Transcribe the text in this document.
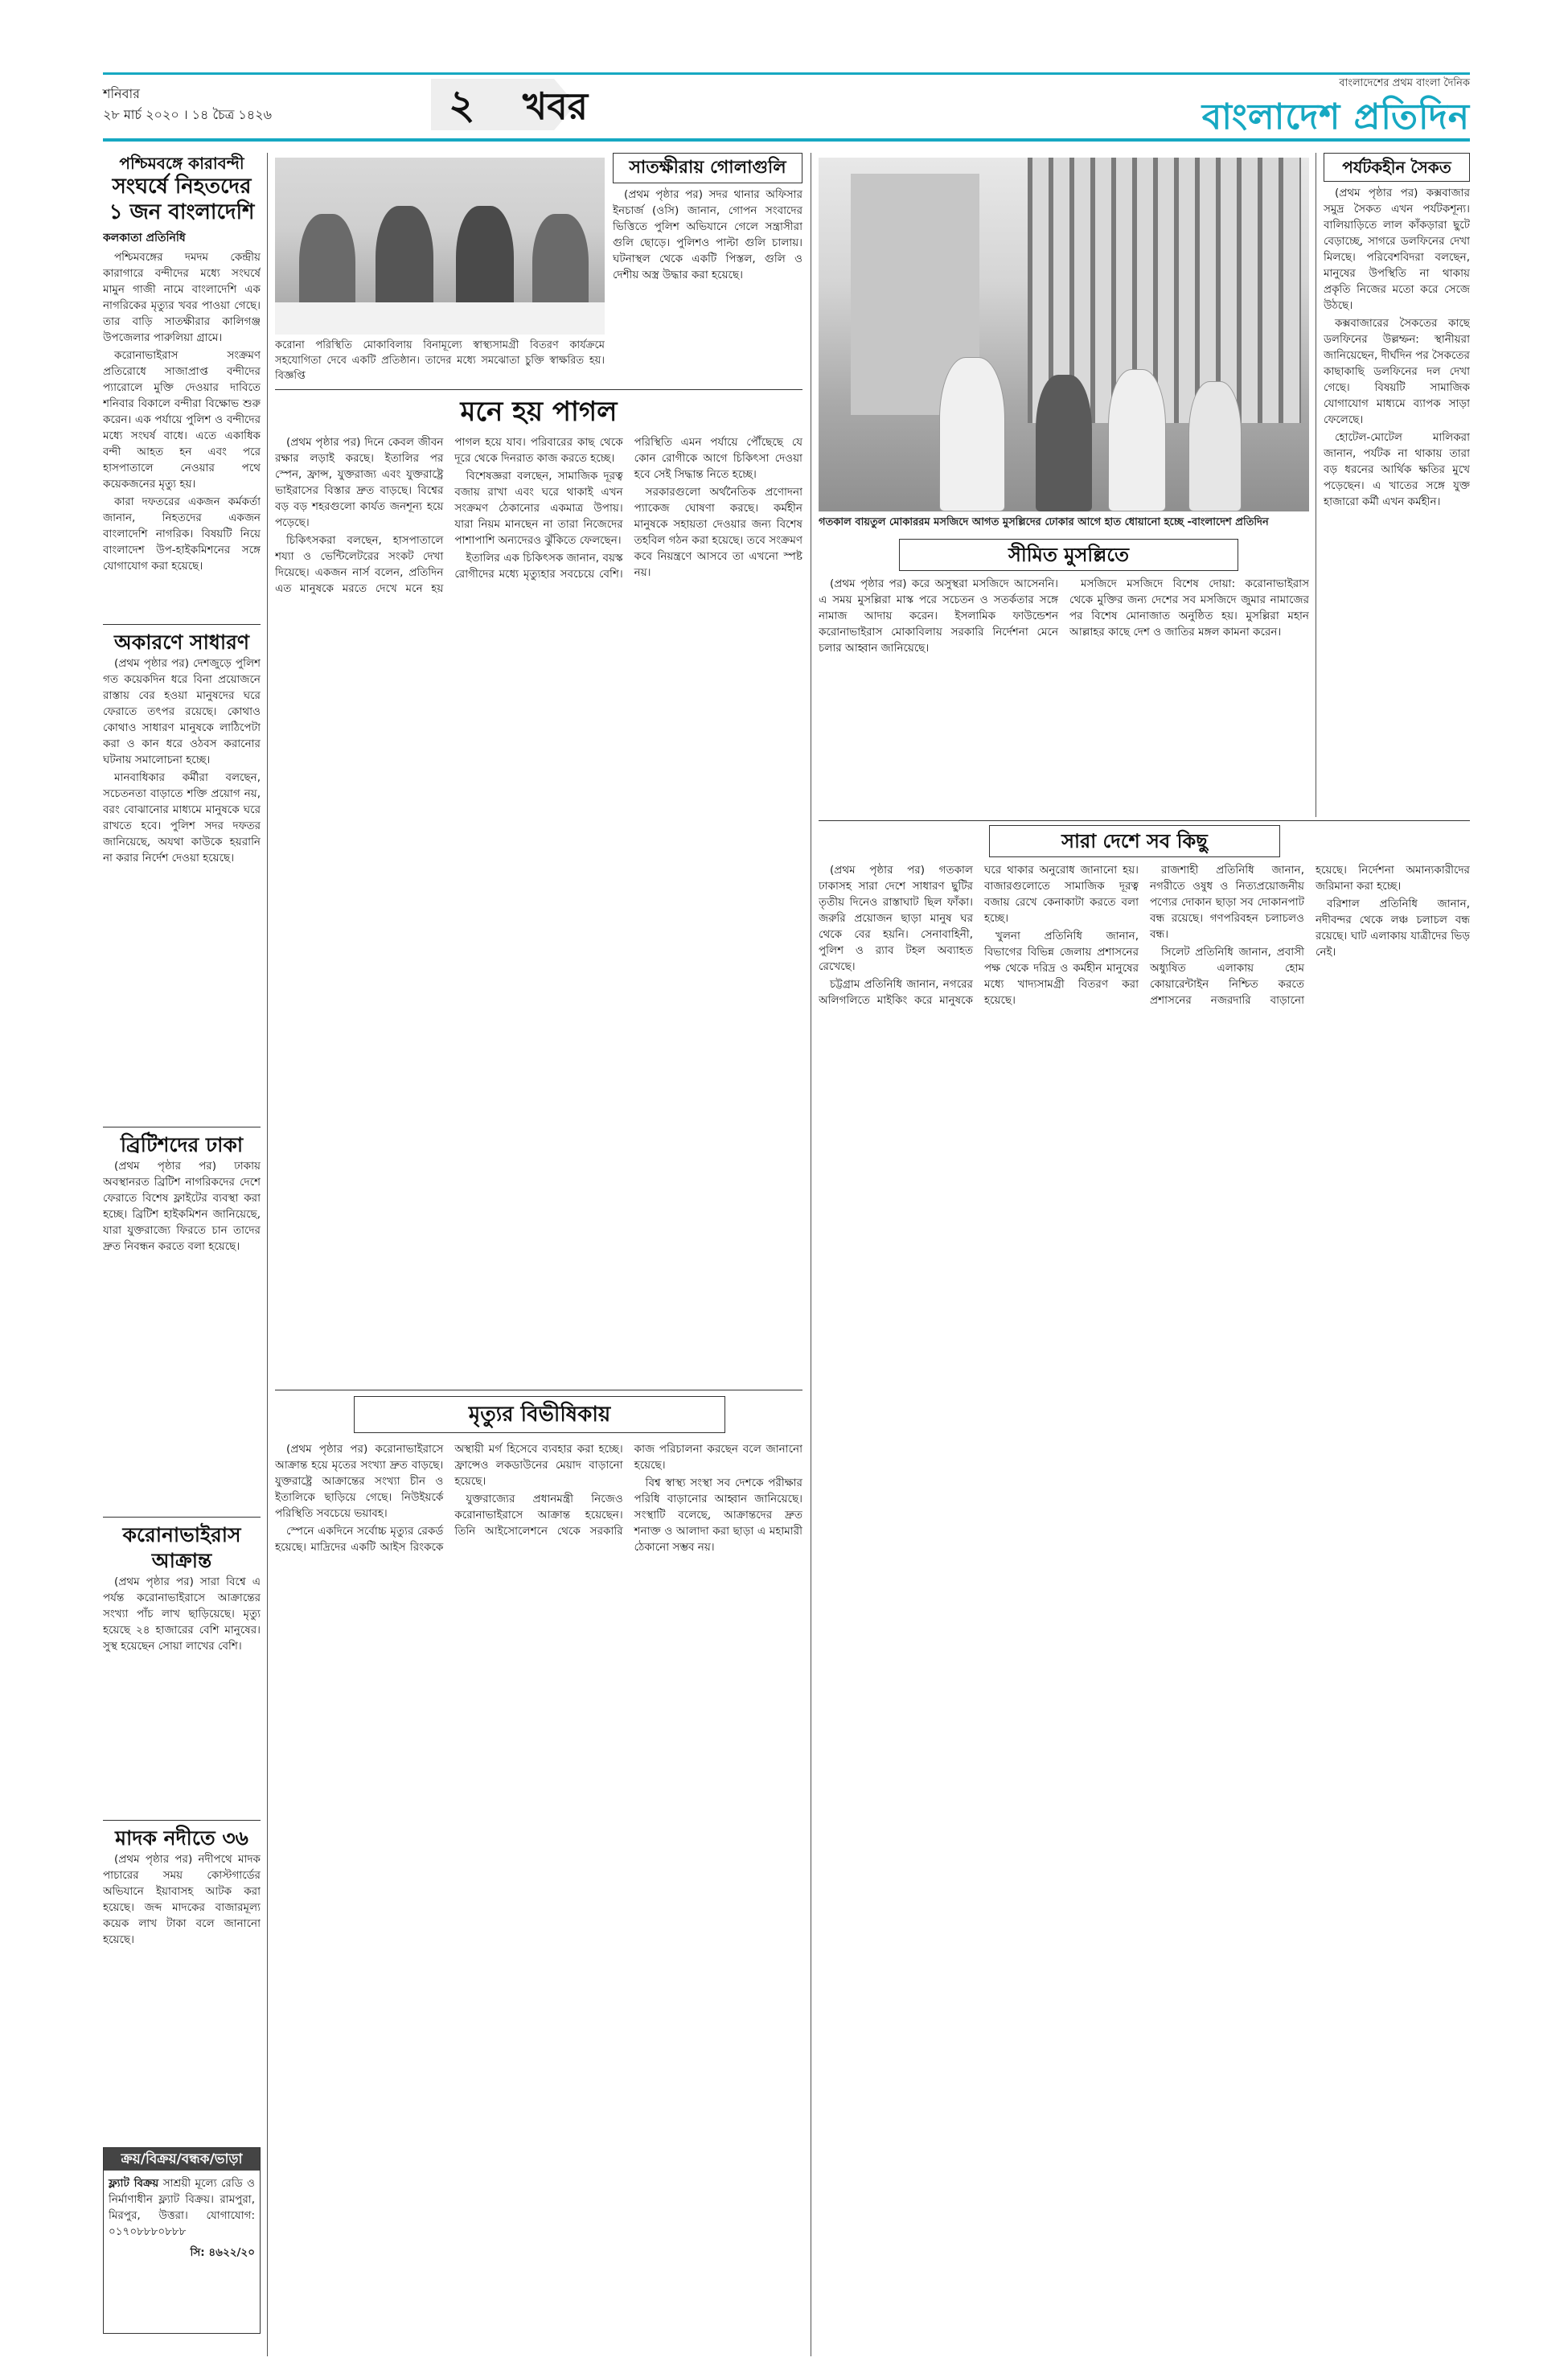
শনিবার
২৮ মার্চ ২০২০ । ১৪ চৈত্র ১৪২৬	২ খবর
বাংলাদেশের প্রথম বাংলা দৈনিক
বাংলাদেশ প্রতিদিন
পশ্চিমবঙ্গে কারাবন্দী
সংঘর্ষে নিহতদের ১ জন বাংলাদেশি
কলকাতা প্রতিনিধি

পশ্চিমবঙ্গের দমদম কেন্দ্রীয় কারাগারে বন্দীদের মধ্যে সংঘর্ষে মামুন গাজী নামে বাংলাদেশি এক নাগরিকের মৃত্যুর খবর পাওয়া গেছে। তার বাড়ি সাতক্ষীরার কালিগঞ্জ উপজেলার পারুলিয়া গ্রামে।

করোনাভাইরাস সংক্রমণ প্রতিরোধে সাজাপ্রাপ্ত বন্দীদের প্যারোলে মুক্তি দেওয়ার দাবিতে শনিবার বিকালে বন্দীরা বিক্ষোভ শুরু করেন। এক পর্যায়ে পুলিশ ও বন্দীদের মধ্যে সংঘর্ষ বাধে। এতে একাধিক বন্দী আহত হন এবং পরে হাসপাতালে নেওয়ার পথে কয়েকজনের মৃত্যু হয়।

কারা দফতরের একজন কর্মকর্তা জানান, নিহতদের একজন বাংলাদেশি নাগরিক। বিষয়টি নিয়ে বাংলাদেশ উপ-হাইকমিশনের সঙ্গে যোগাযোগ করা হয়েছে।

অকারণে সাধারণ

(প্রথম পৃষ্ঠার পর) দেশজুড়ে পুলিশ গত কয়েকদিন ধরে বিনা প্রয়োজনে রাস্তায় বের হওয়া মানুষদের ঘরে ফেরাতে তৎপর রয়েছে। কোথাও কোথাও সাধারণ মানুষকে লাঠিপেটা করা ও কান ধরে ওঠবস করানোর ঘটনায় সমালোচনা হচ্ছে।

মানবাধিকার কর্মীরা বলছেন, সচেতনতা বাড়াতে শক্তি প্রয়োগ নয়, বরং বোঝানোর মাধ্যমে মানুষকে ঘরে রাখতে হবে। পুলিশ সদর দফতর জানিয়েছে, অযথা কাউকে হয়রানি না করার নির্দেশ দেওয়া হয়েছে।

ব্রিটিশদের ঢাকা

(প্রথম পৃষ্ঠার পর) ঢাকায় অবস্থানরত ব্রিটিশ নাগরিকদের দেশে ফেরাতে বিশেষ ফ্লাইটের ব্যবস্থা করা হচ্ছে। ব্রিটিশ হাইকমিশন জানিয়েছে, যারা যুক্তরাজ্যে ফিরতে চান তাদের দ্রুত নিবন্ধন করতে বলা হয়েছে।

করোনাভাইরাস আক্রান্ত

(প্রথম পৃষ্ঠার পর) সারা বিশ্বে এ পর্যন্ত করোনাভাইরাসে আক্রান্তের সংখ্যা পাঁচ লাখ ছাড়িয়েছে। মৃত্যু হয়েছে ২৪ হাজারের বেশি মানুষের। সুস্থ হয়েছেন সোয়া লাখের বেশি।

মাদক নদীতে ৩৬

(প্রথম পৃষ্ঠার পর) নদীপথে মাদক পাচারের সময় কোস্টগার্ডের অভিযানে ইয়াবাসহ আটক করা হয়েছে। জব্দ মাদকের বাজারমূল্য কয়েক লাখ টাকা বলে জানানো হয়েছে।

ক্রয়/বিক্রয়/বন্ধক/ভাড়া
ফ্ল্যাট বিক্রয় সাশ্রয়ী মূল্যে রেডি ও নির্মাণাধীন ফ্ল্যাট বিক্রয়। রামপুরা, মিরপুর, উত্তরা। যোগাযোগ: ০১৭০৮৮৮০৮৮৮
সি: ৪৬২২/২০
করোনা পরিস্থিতি মোকাবিলায় বিনামূল্যে স্বাস্থ্যসামগ্রী বিতরণ কার্যক্রমে সহযোগিতা দেবে একটি প্রতিষ্ঠান। তাদের মধ্যে সমঝোতা চুক্তি স্বাক্ষরিত হয়। বিজ্ঞপ্তি
সাতক্ষীরায় গোলাগুলি

(প্রথম পৃষ্ঠার পর) সদর থানার অফিসার ইনচার্জ (ওসি) জানান, গোপন সংবাদের ভিত্তিতে পুলিশ অভিযানে গেলে সন্ত্রাসীরা গুলি ছোড়ে। পুলিশও পাল্টা গুলি চালায়। ঘটনাস্থল থেকে একটি পিস্তল, গুলি ও দেশীয় অস্ত্র উদ্ধার করা হয়েছে।

মনে হয় পাগল

(প্রথম পৃষ্ঠার পর) দিনে কেবল জীবন রক্ষার লড়াই করছে। ইতালির পর স্পেন, ফ্রান্স, যুক্তরাজ্য এবং যুক্তরাষ্ট্রে ভাইরাসের বিস্তার দ্রুত বাড়ছে। বিশ্বের বড় বড় শহরগুলো কার্যত জনশূন্য হয়ে পড়েছে।

চিকিৎসকরা বলছেন, হাসপাতালে শয্যা ও ভেন্টিলেটরের সংকট দেখা দিয়েছে। একজন নার্স বলেন, প্রতিদিন এত মানুষকে মরতে দেখে মনে হয় পাগল হয়ে যাব। পরিবারের কাছ থেকে দূরে থেকে দিনরাত কাজ করতে হচ্ছে।

বিশেষজ্ঞরা বলছেন, সামাজিক দূরত্ব বজায় রাখা এবং ঘরে থাকাই এখন সংক্রমণ ঠেকানোর একমাত্র উপায়। যারা নিয়ম মানছেন না তারা নিজেদের পাশাপাশি অন্যদেরও ঝুঁকিতে ফেলছেন।

ইতালির এক চিকিৎসক জানান, বয়স্ক রোগীদের মধ্যে মৃত্যুহার সবচেয়ে বেশি। পরিস্থিতি এমন পর্যায়ে পৌঁছেছে যে কোন রোগীকে আগে চিকিৎসা দেওয়া হবে সেই সিদ্ধান্ত নিতে হচ্ছে।

সরকারগুলো অর্থনৈতিক প্রণোদনা প্যাকেজ ঘোষণা করছে। কর্মহীন মানুষকে সহায়তা দেওয়ার জন্য বিশেষ তহবিল গঠন করা হয়েছে। তবে সংক্রমণ কবে নিয়ন্ত্রণে আসবে তা এখনো স্পষ্ট নয়।

মৃত্যুর বিভীষিকায়

(প্রথম পৃষ্ঠার পর) করোনাভাইরাসে আক্রান্ত হয়ে মৃতের সংখ্যা দ্রুত বাড়ছে। যুক্তরাষ্ট্রে আক্রান্তের সংখ্যা চীন ও ইতালিকে ছাড়িয়ে গেছে। নিউইয়র্কে পরিস্থিতি সবচেয়ে ভয়াবহ।

স্পেনে একদিনে সর্বোচ্চ মৃত্যুর রেকর্ড হয়েছে। মাদ্রিদের একটি আইস রিংককে অস্থায়ী মর্গ হিসেবে ব্যবহার করা হচ্ছে। ফ্রান্সেও লকডাউনের মেয়াদ বাড়ানো হয়েছে।

যুক্তরাজ্যের প্রধানমন্ত্রী নিজেও করোনাভাইরাসে আক্রান্ত হয়েছেন। তিনি আইসোলেশনে থেকে সরকারি কাজ পরিচালনা করছেন বলে জানানো হয়েছে।

বিশ্ব স্বাস্থ্য সংস্থা সব দেশকে পরীক্ষার পরিধি বাড়ানোর আহ্বান জানিয়েছে। সংস্থাটি বলেছে, আক্রান্তদের দ্রুত শনাক্ত ও আলাদা করা ছাড়া এ মহামারী ঠেকানো সম্ভব নয়।

গতকাল বায়তুল মোকাররম মসজিদে আগত মুসল্লিদের ঢোকার আগে হাত ধোয়ানো হচ্ছে -বাংলাদেশ প্রতিদিন
সীমিত মুসল্লিতে

(প্রথম পৃষ্ঠার পর) করে অসুস্থরা মসজিদে আসেননি। এ সময় মুসল্লিরা মাস্ক পরে সচেতন ও সতর্কতার সঙ্গে নামাজ আদায় করেন। ইসলামিক ফাউন্ডেশন করোনাভাইরাস মোকাবিলায় সরকারি নির্দেশনা মেনে চলার আহ্বান জানিয়েছে।

মসজিদে মসজিদে বিশেষ দোয়া: করোনাভাইরাস থেকে মুক্তির জন্য দেশের সব মসজিদে জুমার নামাজের পর বিশেষ মোনাজাত অনুষ্ঠিত হয়। মুসল্লিরা মহান আল্লাহর কাছে দেশ ও জাতির মঙ্গল কামনা করেন।

সারা দেশে সব কিছু

(প্রথম পৃষ্ঠার পর) গতকাল ঢাকাসহ সারা দেশে সাধারণ ছুটির তৃতীয় দিনেও রাস্তাঘাট ছিল ফাঁকা। জরুরি প্রয়োজন ছাড়া মানুষ ঘর থেকে বের হয়নি। সেনাবাহিনী, পুলিশ ও র‌্যাব টহল অব্যাহত রেখেছে।

চট্টগ্রাম প্রতিনিধি জানান, নগরের অলিগলিতে মাইকিং করে মানুষকে ঘরে থাকার অনুরোধ জানানো হয়। বাজারগুলোতে সামাজিক দূরত্ব বজায় রেখে কেনাকাটা করতে বলা হচ্ছে।

খুলনা প্রতিনিধি জানান, বিভাগের বিভিন্ন জেলায় প্রশাসনের পক্ষ থেকে দরিদ্র ও কর্মহীন মানুষের মধ্যে খাদ্যসামগ্রী বিতরণ করা হয়েছে।

রাজশাহী প্রতিনিধি জানান, নগরীতে ওষুধ ও নিত্যপ্রয়োজনীয় পণ্যের দোকান ছাড়া সব দোকানপাট বন্ধ রয়েছে। গণপরিবহন চলাচলও বন্ধ।

সিলেট প্রতিনিধি জানান, প্রবাসী অধ্যুষিত এলাকায় হোম কোয়ারেন্টাইন নিশ্চিত করতে প্রশাসনের নজরদারি বাড়ানো হয়েছে। নির্দেশনা অমান্যকারীদের জরিমানা করা হচ্ছে।

বরিশাল প্রতিনিধি জানান, নদীবন্দর থেকে লঞ্চ চলাচল বন্ধ রয়েছে। ঘাট এলাকায় যাত্রীদের ভিড় নেই।

পর্যটকহীন সৈকত

(প্রথম পৃষ্ঠার পর) কক্সবাজার সমুদ্র সৈকত এখন পর্যটকশূন্য। বালিয়াড়িতে লাল কাঁকড়ারা ছুটে বেড়াচ্ছে, সাগরে ডলফিনের দেখা মিলছে। পরিবেশবিদরা বলছেন, মানুষের উপস্থিতি না থাকায় প্রকৃতি নিজের মতো করে সেজে উঠছে।

কক্সবাজারের সৈকতের কাছে ডলফিনের উল্লম্ফন: স্থানীয়রা জানিয়েছেন, দীর্ঘদিন পর সৈকতের কাছাকাছি ডলফিনের দল দেখা গেছে। বিষয়টি সামাজিক যোগাযোগ মাধ্যমে ব্যাপক সাড়া ফেলেছে।

হোটেল-মোটেল মালিকরা জানান, পর্যটক না থাকায় তারা বড় ধরনের আর্থিক ক্ষতির মুখে পড়েছেন। এ খাতের সঙ্গে যুক্ত হাজারো কর্মী এখন কর্মহীন।
